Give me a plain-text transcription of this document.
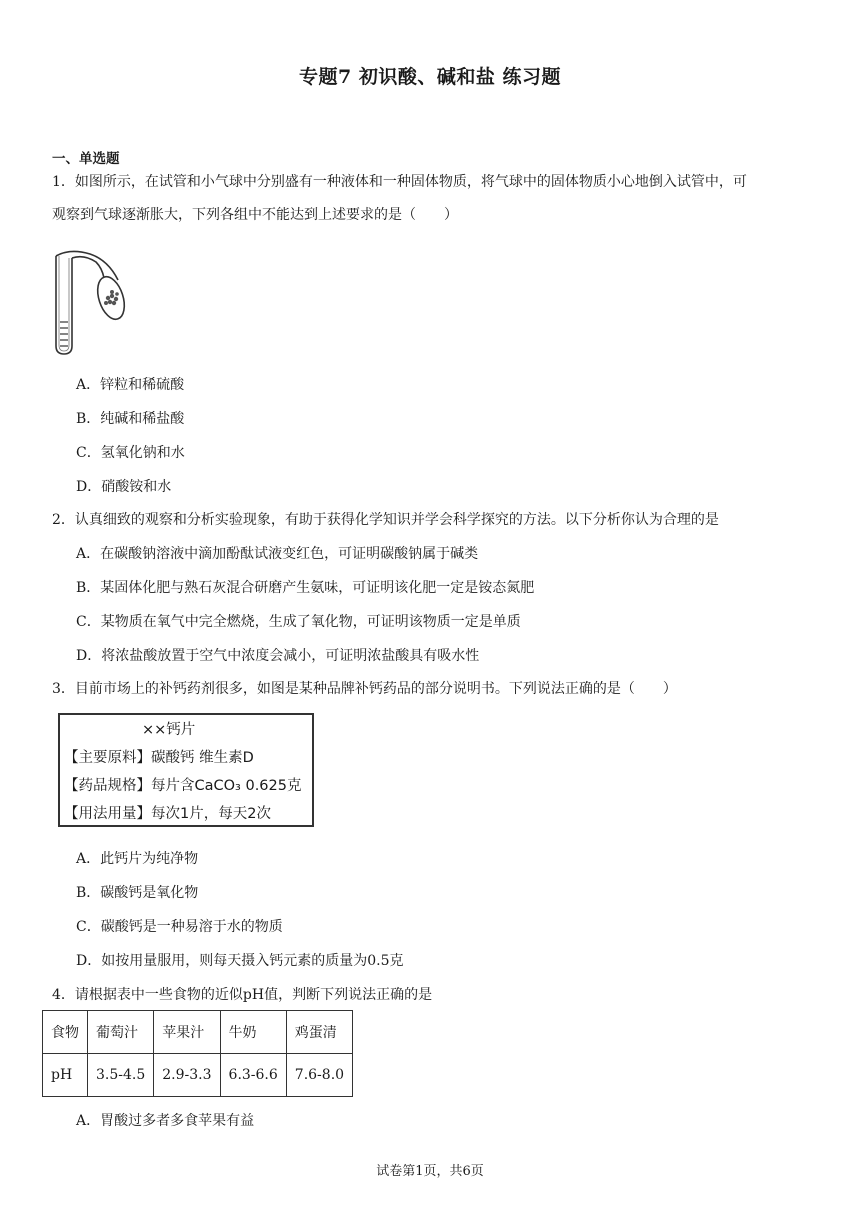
专题7 初识酸、碱和盐 练习题
一、单选题
1．如图所示，在试管和小气球中分别盛有一种液体和一种固体物质，将气球中的固体物质小心地倒入试管中，可
观察到气球逐渐胀大，下列各组中不能达到上述要求的是（　　）
A．锌粒和稀硫酸
B．纯碱和稀盐酸
C．氢氧化钠和水
D．硝酸铵和水
2．认真细致的观察和分析实验现象，有助于获得化学知识并学会科学探究的方法。以下分析你认为合理的是
A．在碳酸钠溶液中滴加酚酞试液变红色，可证明碳酸钠属于碱类
B．某固体化肥与熟石灰混合研磨产生氨味，可证明该化肥一定是铵态氮肥
C．某物质在氧气中完全燃烧，生成了氧化物，可证明该物质一定是单质
D．将浓盐酸放置于空气中浓度会减小，可证明浓盐酸具有吸水性
3．目前市场上的补钙药剂很多，如图是某种品牌补钙药品的部分说明书。下列说法正确的是（　　）
××钙片
【主要原料】碳酸钙 维生素D
【药品规格】每片含CaCO₃ 0.625克
【用法用量】每次1片，每天2次
A．此钙片为纯净物
B．碳酸钙是氧化物
C．碳酸钙是一种易溶于水的物质
D．如按用量服用，则每天摄入钙元素的质量为0.5克
4．请根据表中一些食物的近似pH值，判断下列说法正确的是
食物	葡萄汁	苹果汁	牛奶	鸡蛋清
pH	3.5-4.5	2.9-3.3	6.3-6.6	7.6-8.0
A．胃酸过多者多食苹果有益
试卷第1页，共6页
